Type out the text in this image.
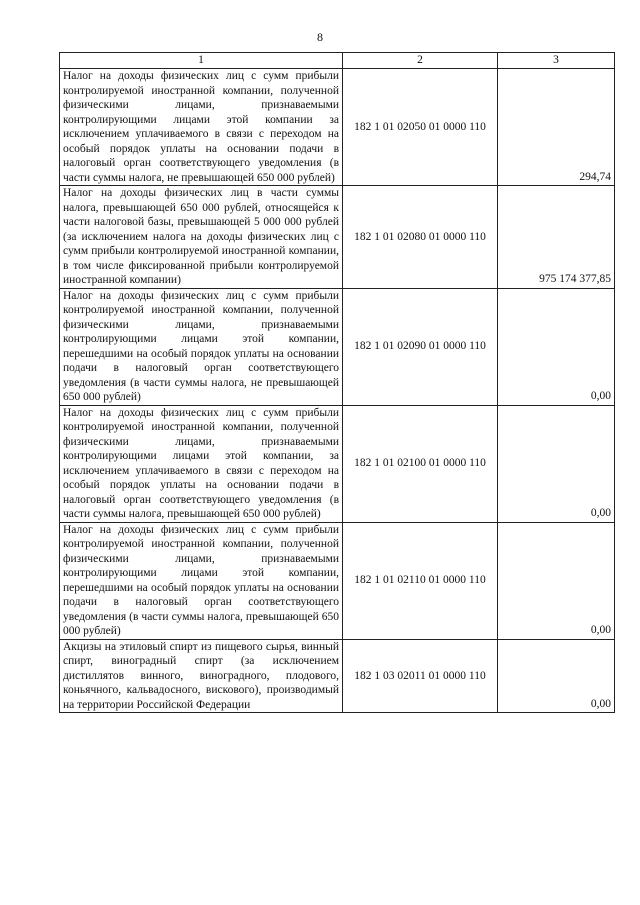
8
1	2	3
Налог на доходы физических лиц с сумм прибыли контролируемой иностранной компании, полученной физическими лицами, признаваемыми контролирующими лицами этой компании за исключением уплачиваемого в связи с переходом на особый порядок уплаты на основании подачи в налоговый орган соответствующего уведомления (в части суммы налога, не превышающей 650 000 рублей)	182 1 01 02050 01 0000 110	294,74
Налог на доходы физических лиц в части суммы налога, превышающей 650 000 рублей, относящейся к части налоговой базы, превышающей 5 000 000 рублей (за исключением налога на доходы физических лиц с сумм прибыли контролируемой иностранной компании, в том числе фиксированной прибыли контролируемой иностранной компании)	182 1 01 02080 01 0000 110	975 174 377,85
Налог на доходы физических лиц с сумм прибыли контролируемой иностранной компании, полученной физическими лицами, признаваемыми контролирующими лицами этой компании, перешедшими на особый порядок уплаты на основании подачи в налоговый орган соответствующего уведомления (в части суммы налога, не превышающей 650 000 рублей)	182 1 01 02090 01 0000 110	0,00
Налог на доходы физических лиц с сумм прибыли контролируемой иностранной компании, полученной физическими лицами, признаваемыми контролирующими лицами этой компании, за исключением уплачиваемого в связи с переходом на особый порядок уплаты на основании подачи в налоговый орган соответствующего уведомления (в части суммы налога, превышающей 650 000 рублей)	182 1 01 02100 01 0000 110	0,00
Налог на доходы физических лиц с сумм прибыли контролируемой иностранной компании, полученной физическими лицами, признаваемыми контролирующими лицами этой компании, перешедшими на особый порядок уплаты на основании подачи в налоговый орган соответствующего уведомления (в части суммы налога, превышающей 650 000 рублей)	182 1 01 02110 01 0000 110	0,00
Акцизы на этиловый спирт из пищевого сырья, винный спирт, виноградный спирт (за исключением дистиллятов винного, виноградного, плодового, коньячного, кальвадосного, вискового), производимый на территории Российской Федерации	182 1 03 02011 01 0000 110	0,00
